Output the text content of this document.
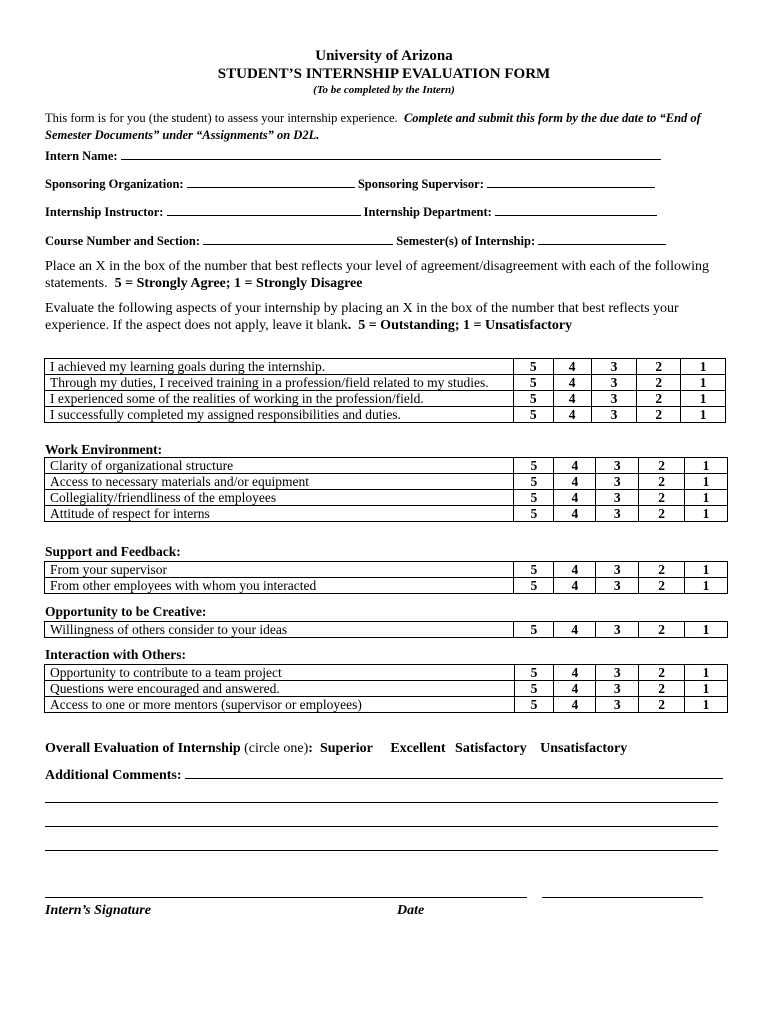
University of Arizona
STUDENT’S INTERNSHIP EVALUATION FORM
(To be completed by the Intern)
This form is for you (the student) to assess your internship experience. Complete and submit this form by the due date to “End of Semester Documents” under “Assignments” on D2L.
Intern Name:
Sponsoring Organization:	Sponsoring Supervisor:
Internship Instructor:	Internship Department:
Course Number and Section:	Semester(s) of Internship:
Place an X in the box of the number that best reflects your level of agreement/disagreement with each of the following statements. 5 = Strongly Agree; 1 = Strongly Disagree
Evaluate the following aspects of your internship by placing an X in the box of the number that best reflects your experience. If the aspect does not apply, leave it blank. 5 = Outstanding; 1 = Unsatisfactory
I achieved my learning goals during the internship.	5	4	3	2	1
Through my duties, I received training in a profession/field related to my studies.	5	4	3	2	1
I experienced some of the realities of working in the profession/field.	5	4	3	2	1
I successfully completed my assigned responsibilities and duties.	5	4	3	2	1
Work Environment:
Clarity of organizational structure	5	4	3	2	1
Access to necessary materials and/or equipment	5	4	3	2	1
Collegiality/friendliness of the employees	5	4	3	2	1
Attitude of respect for interns	5	4	3	2	1
Support and Feedback:
From your supervisor	5	4	3	2	1
From other employees with whom you interacted	5	4	3	2	1
Opportunity to be Creative:
Willingness of others consider to your ideas	5	4	3	2	1
Interaction with Others:
Opportunity to contribute to a team project	5	4	3	2	1
Questions were encouraged and answered.	5	4	3	2	1
Access to one or more mentors (supervisor or employees)	5	4	3	2	1
Overall Evaluation of Internship (circle one): Superior Excellent Satisfactory Unsatisfactory
Additional Comments:
Intern’s Signature	Date
